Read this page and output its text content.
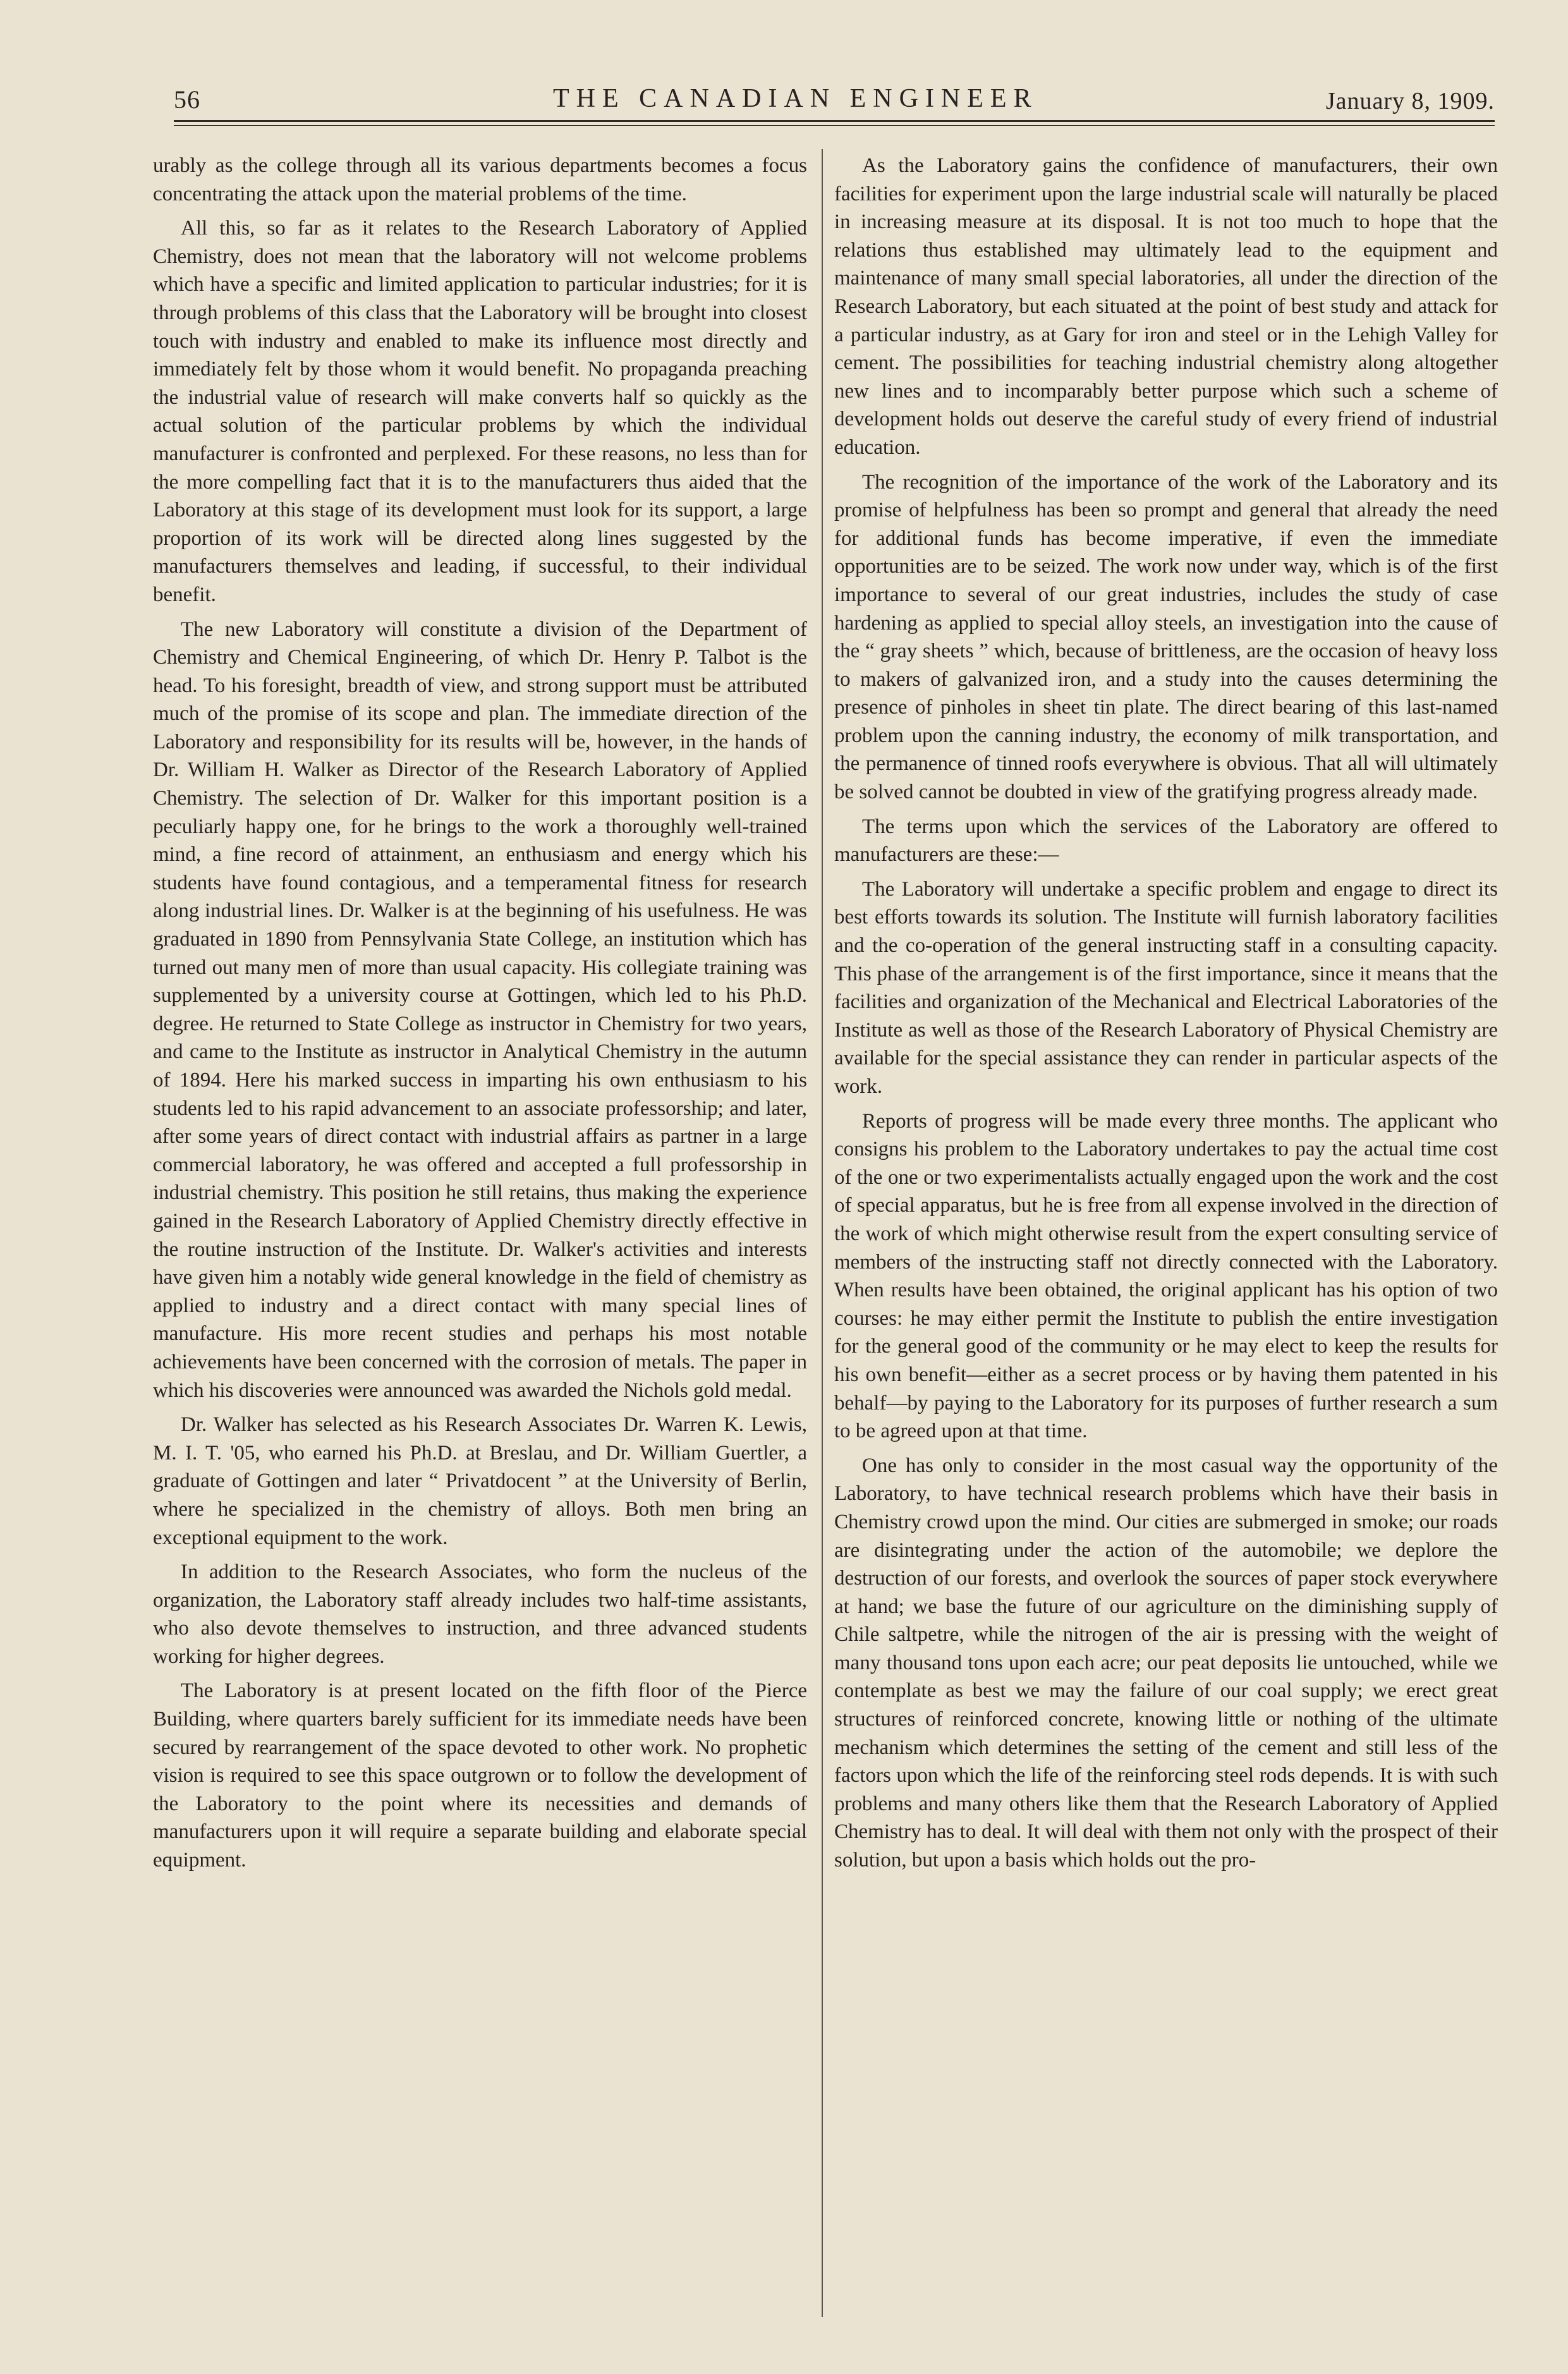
56	THE CANADIAN ENGINEER	January 8, 1909.

urably as the college through all its various departments becomes a focus concentrating the attack upon the material problems of the time.

All this, so far as it relates to the Research Laboratory of Applied Chemistry, does not mean that the laboratory will not welcome problems which have a specific and limited application to particular industries; for it is through problems of this class that the Laboratory will be brought into closest touch with industry and enabled to make its influence most directly and immediately felt by those whom it would benefit. No propaganda preaching the industrial value of research will make converts half so quickly as the actual solution of the particular problems by which the individual manufacturer is confronted and perplexed. For these reasons, no less than for the more compelling fact that it is to the manufacturers thus aided that the Laboratory at this stage of its development must look for its support, a large proportion of its work will be directed along lines suggested by the manufacturers themselves and leading, if successful, to their individual benefit.

The new Laboratory will constitute a division of the Department of Chemistry and Chemical Engineering, of which Dr. Henry P. Talbot is the head. To his foresight, breadth of view, and strong support must be attributed much of the promise of its scope and plan. The immediate direction of the Laboratory and responsibility for its results will be, however, in the hands of Dr. William H. Walker as Director of the Research Laboratory of Applied Chemistry. The selection of Dr. Walker for this important position is a peculiarly happy one, for he brings to the work a thoroughly well-trained mind, a fine record of attainment, an enthusiasm and energy which his students have found contagious, and a temperamental fitness for research along industrial lines. Dr. Walker is at the beginning of his usefulness. He was graduated in 1890 from Pennsylvania State College, an institution which has turned out many men of more than usual capacity. His collegiate training was supplemented by a university course at Gottingen, which led to his Ph.D. degree. He returned to State College as instructor in Chemistry for two years, and came to the Institute as instructor in Analytical Chemistry in the autumn of 1894. Here his marked success in imparting his own enthusiasm to his students led to his rapid advancement to an associate professorship; and later, after some years of direct contact with industrial affairs as partner in a large commercial laboratory, he was offered and accepted a full professorship in industrial chemistry. This position he still retains, thus making the experience gained in the Research Laboratory of Applied Chemistry directly effective in the routine instruction of the Institute. Dr. Walker's activities and interests have given him a notably wide general knowledge in the field of chemistry as applied to industry and a direct contact with many special lines of manufacture. His more recent studies and perhaps his most notable achievements have been concerned with the corrosion of metals. The paper in which his discoveries were announced was awarded the Nichols gold medal.

Dr. Walker has selected as his Research Associates Dr. Warren K. Lewis, M. I. T. '05, who earned his Ph.D. at Breslau, and Dr. William Guertler, a graduate of Gottingen and later “ Privatdocent ” at the University of Berlin, where he specialized in the chemistry of alloys. Both men bring an exceptional equipment to the work.

In addition to the Research Associates, who form the nucleus of the organization, the Laboratory staff already includes two half-time assistants, who also devote themselves to instruction, and three advanced students working for higher degrees.

The Laboratory is at present located on the fifth floor of the Pierce Building, where quarters barely sufficient for its immediate needs have been secured by rearrangement of the space devoted to other work. No prophetic vision is required to see this space outgrown or to follow the development of the Laboratory to the point where its necessities and demands of manufacturers upon it will require a separate building and elaborate special equipment.

As the Laboratory gains the confidence of manufacturers, their own facilities for experiment upon the large industrial scale will naturally be placed in increasing measure at its disposal. It is not too much to hope that the relations thus established may ultimately lead to the equipment and maintenance of many small special laboratories, all under the direction of the Research Laboratory, but each situated at the point of best study and attack for a particular industry, as at Gary for iron and steel or in the Lehigh Valley for cement. The possibilities for teaching industrial chemistry along altogether new lines and to incomparably better purpose which such a scheme of development holds out deserve the careful study of every friend of industrial education.

The recognition of the importance of the work of the Laboratory and its promise of helpfulness has been so prompt and general that already the need for additional funds has become imperative, if even the immediate opportunities are to be seized. The work now under way, which is of the first importance to several of our great industries, includes the study of case hardening as applied to special alloy steels, an investigation into the cause of the “ gray sheets ” which, because of brittleness, are the occasion of heavy loss to makers of galvanized iron, and a study into the causes determining the presence of pinholes in sheet tin plate. The direct bearing of this last-named problem upon the canning industry, the economy of milk transportation, and the permanence of tinned roofs everywhere is obvious. That all will ultimately be solved cannot be doubted in view of the gratifying progress already made.

The terms upon which the services of the Laboratory are offered to manufacturers are these:—

The Laboratory will undertake a specific problem and engage to direct its best efforts towards its solution. The Institute will furnish laboratory facilities and the co-operation of the general instructing staff in a consulting capacity. This phase of the arrangement is of the first importance, since it means that the facilities and organization of the Mechanical and Electrical Laboratories of the Institute as well as those of the Research Laboratory of Physical Chemistry are available for the special assistance they can render in particular aspects of the work.

Reports of progress will be made every three months. The applicant who consigns his problem to the Laboratory undertakes to pay the actual time cost of the one or two experimentalists actually engaged upon the work and the cost of special apparatus, but he is free from all expense involved in the direction of the work of which might otherwise result from the expert consulting service of members of the instructing staff not directly connected with the Laboratory. When results have been obtained, the original applicant has his option of two courses: he may either permit the Institute to publish the entire investigation for the general good of the community or he may elect to keep the results for his own benefit—either as a secret process or by having them patented in his behalf—by paying to the Laboratory for its purposes of further research a sum to be agreed upon at that time.

One has only to consider in the most casual way the opportunity of the Laboratory, to have technical research problems which have their basis in Chemistry crowd upon the mind. Our cities are submerged in smoke; our roads are disintegrating under the action of the automobile; we deplore the destruction of our forests, and overlook the sources of paper stock everywhere at hand; we base the future of our agriculture on the diminishing supply of Chile saltpetre, while the nitrogen of the air is pressing with the weight of many thousand tons upon each acre; our peat deposits lie untouched, while we contemplate as best we may the failure of our coal supply; we erect great structures of reinforced concrete, knowing little or nothing of the ultimate mechanism which determines the setting of the cement and still less of the factors upon which the life of the reinforcing steel rods depends. It is with such problems and many others like them that the Research Laboratory of Applied Chemistry has to deal. It will deal with them not only with the prospect of their solution, but upon a basis which holds out the pro-
